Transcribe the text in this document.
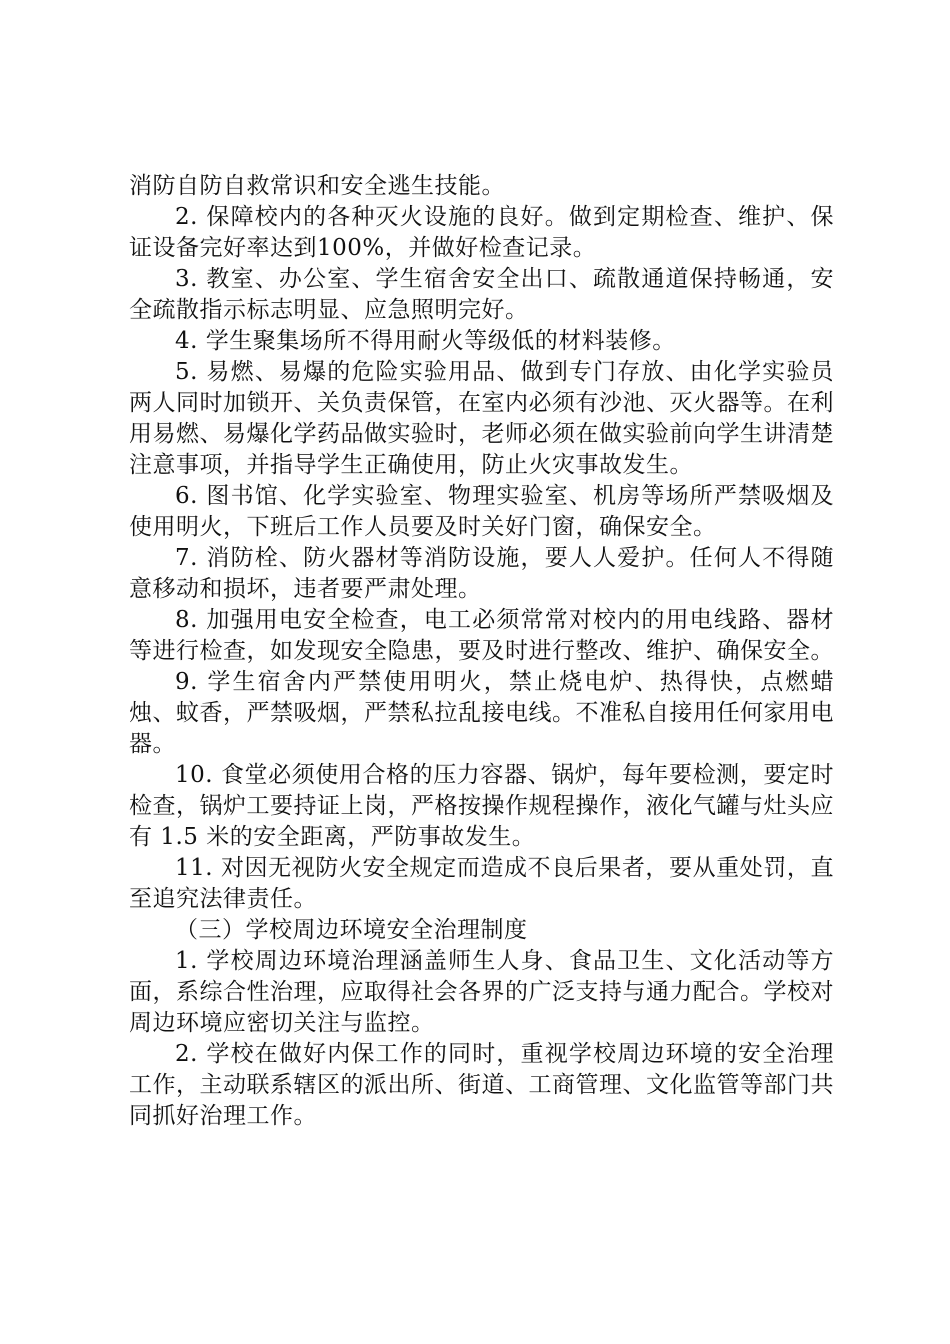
消防自防自救常识和安全逃生技能。

2. 保障校内的各种灭火设施的良好。做到定期检查、维护、保证设备完好率达到100%，并做好检查记录。

3. 教室、办公室、学生宿舍安全出口、疏散通道保持畅通，安全疏散指示标志明显、应急照明完好。

4. 学生聚集场所不得用耐火等级低的材料装修。

5. 易燃、易爆的危险实验用品、做到专门存放、由化学实验员两人同时加锁开、关负责保管，在室内必须有沙池、灭火器等。在利用易燃、易爆化学药品做实验时，老师必须在做实验前向学生讲清楚注意事项，并指导学生正确使用，防止火灾事故发生。

6. 图书馆、化学实验室、物理实验室、机房等场所严禁吸烟及使用明火，下班后工作人员要及时关好门窗，确保安全。

7. 消防栓、防火器材等消防设施，要人人爱护。任何人不得随意移动和损坏，违者要严肃处理。

8. 加强用电安全检查，电工必须常常对校内的用电线路、器材等进行检查，如发现安全隐患，要及时进行整改、维护、确保安全。

9. 学生宿舍内严禁使用明火，禁止烧电炉、热得快，点燃蜡烛、蚊香，严禁吸烟，严禁私拉乱接电线。不准私自接用任何家用电器。

10. 食堂必须使用合格的压力容器、锅炉，每年要检测，要定时检查，锅炉工要持证上岗，严格按操作规程操作，液化气罐与灶头应有 1.5 米的安全距离，严防事故发生。

11. 对因无视防火安全规定而造成不良后果者，要从重处罚，直至追究法律责任。

（三）学校周边环境安全治理制度

1. 学校周边环境治理涵盖师生人身、食品卫生、文化活动等方面，系综合性治理，应取得社会各界的广泛支持与通力配合。学校对周边环境应密切关注与监控。

2. 学校在做好内保工作的同时，重视学校周边环境的安全治理工作，主动联系辖区的派出所、街道、工商管理、文化监管等部门共同抓好治理工作。
